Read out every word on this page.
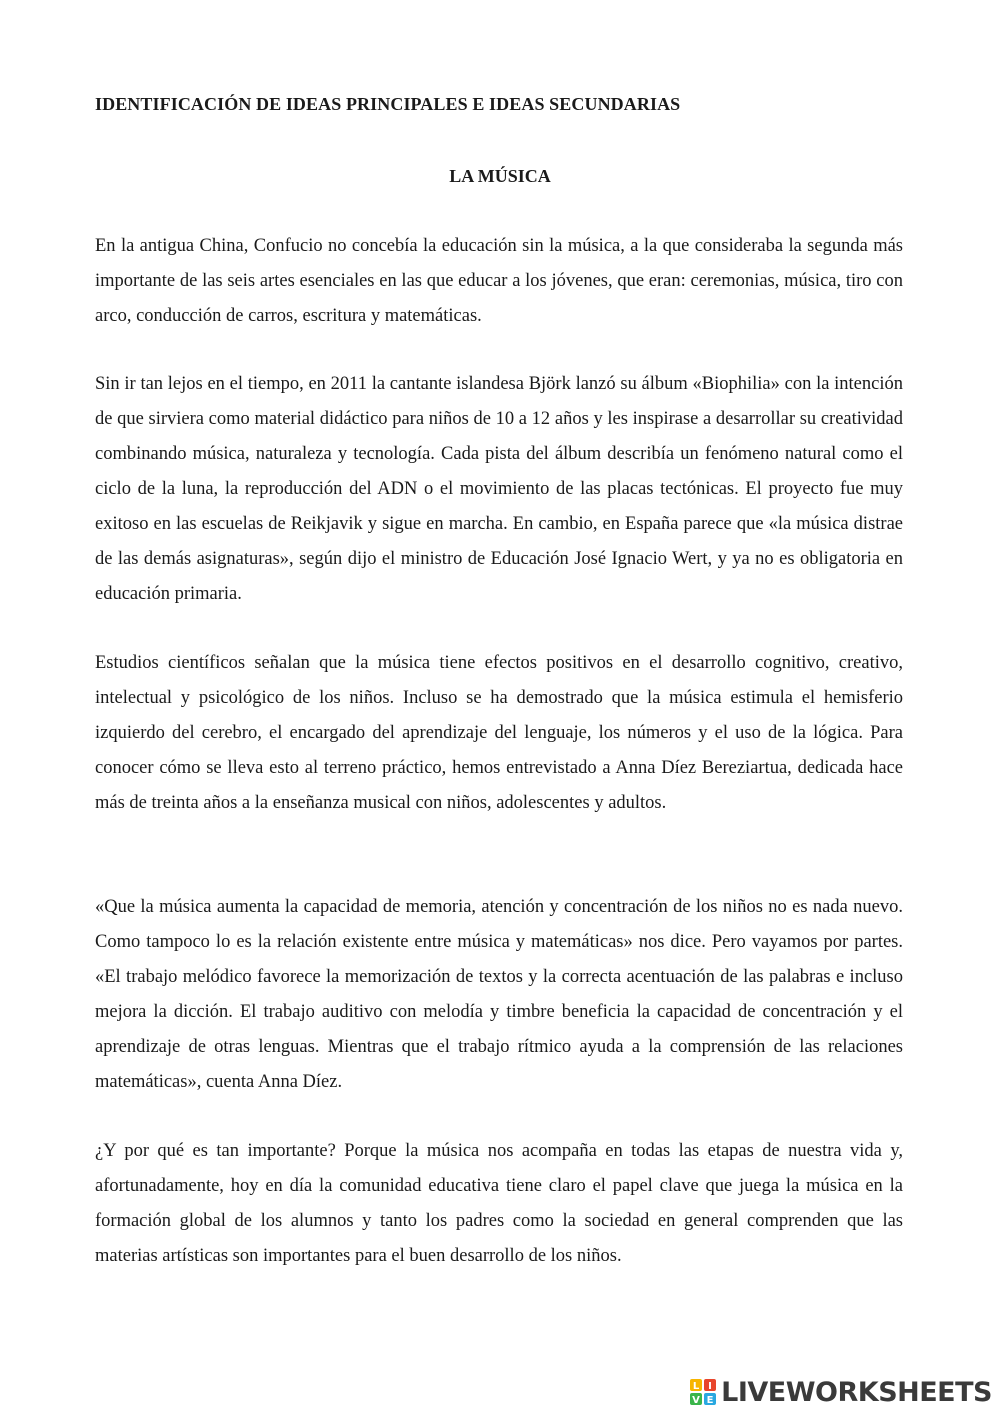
IDENTIFICACIÓN DE IDEAS PRINCIPALES E IDEAS SECUNDARIAS
LA MÚSICA

En la antigua China, Confucio no concebía la educación sin la música, a la que consideraba la segunda más importante de las seis artes esenciales en las que educar a los jóvenes, que eran: ceremonias, música, tiro con arco, conducción de carros, escritura y matemáticas.

Sin ir tan lejos en el tiempo, en 2011 la cantante islandesa Björk lanzó su álbum «Biophilia» con la intención de que sirviera como material didáctico para niños de 10 a 12 años y les inspirase a desarrollar su creatividad combinando música, naturaleza y tecnología. Cada pista del álbum describía un fenómeno natural como el ciclo de la luna, la reproducción del ADN o el movimiento de las placas tectónicas. El proyecto fue muy exitoso en las escuelas de Reikjavik y sigue en marcha. En cambio, en España parece que «la música distrae de las demás asignaturas», según dijo el ministro de Educación José Ignacio Wert, y ya no es obligatoria en educación primaria.

Estudios científicos señalan que la música tiene efectos positivos en el desarrollo cognitivo, creativo, intelectual y psicológico de los niños. Incluso se ha demostrado que la música estimula el hemisferio izquierdo del cerebro, el encargado del aprendizaje del lenguaje, los números y el uso de la lógica. Para conocer cómo se lleva esto al terreno práctico, hemos entrevistado a Anna Díez Bereziartua, dedicada hace más de treinta años a la enseñanza musical con niños, adolescentes y adultos.

«Que la música aumenta la capacidad de memoria, atención y concentración de los niños no es nada nuevo. Como tampoco lo es la relación existente entre música y matemáticas» nos dice. Pero vayamos por partes. «El trabajo melódico favorece la memorización de textos y la correcta acentuación de las palabras e incluso mejora la dicción. El trabajo auditivo con melodía y timbre beneficia la capacidad de concentración y el aprendizaje de otras lenguas. Mientras que el trabajo rítmico ayuda a la comprensión de las relaciones matemáticas», cuenta Anna Díez.

¿Y por qué es tan importante? Porque la música nos acompaña en todas las etapas de nuestra vida y, afortunadamente, hoy en día la comunidad educativa tiene claro el papel clave que juega la música en la formación global de los alumnos y tanto los padres como la sociedad en general comprenden que las materias artísticas son importantes para el buen desarrollo de los niños.

L I
V E LIVEWORKSHEETS
